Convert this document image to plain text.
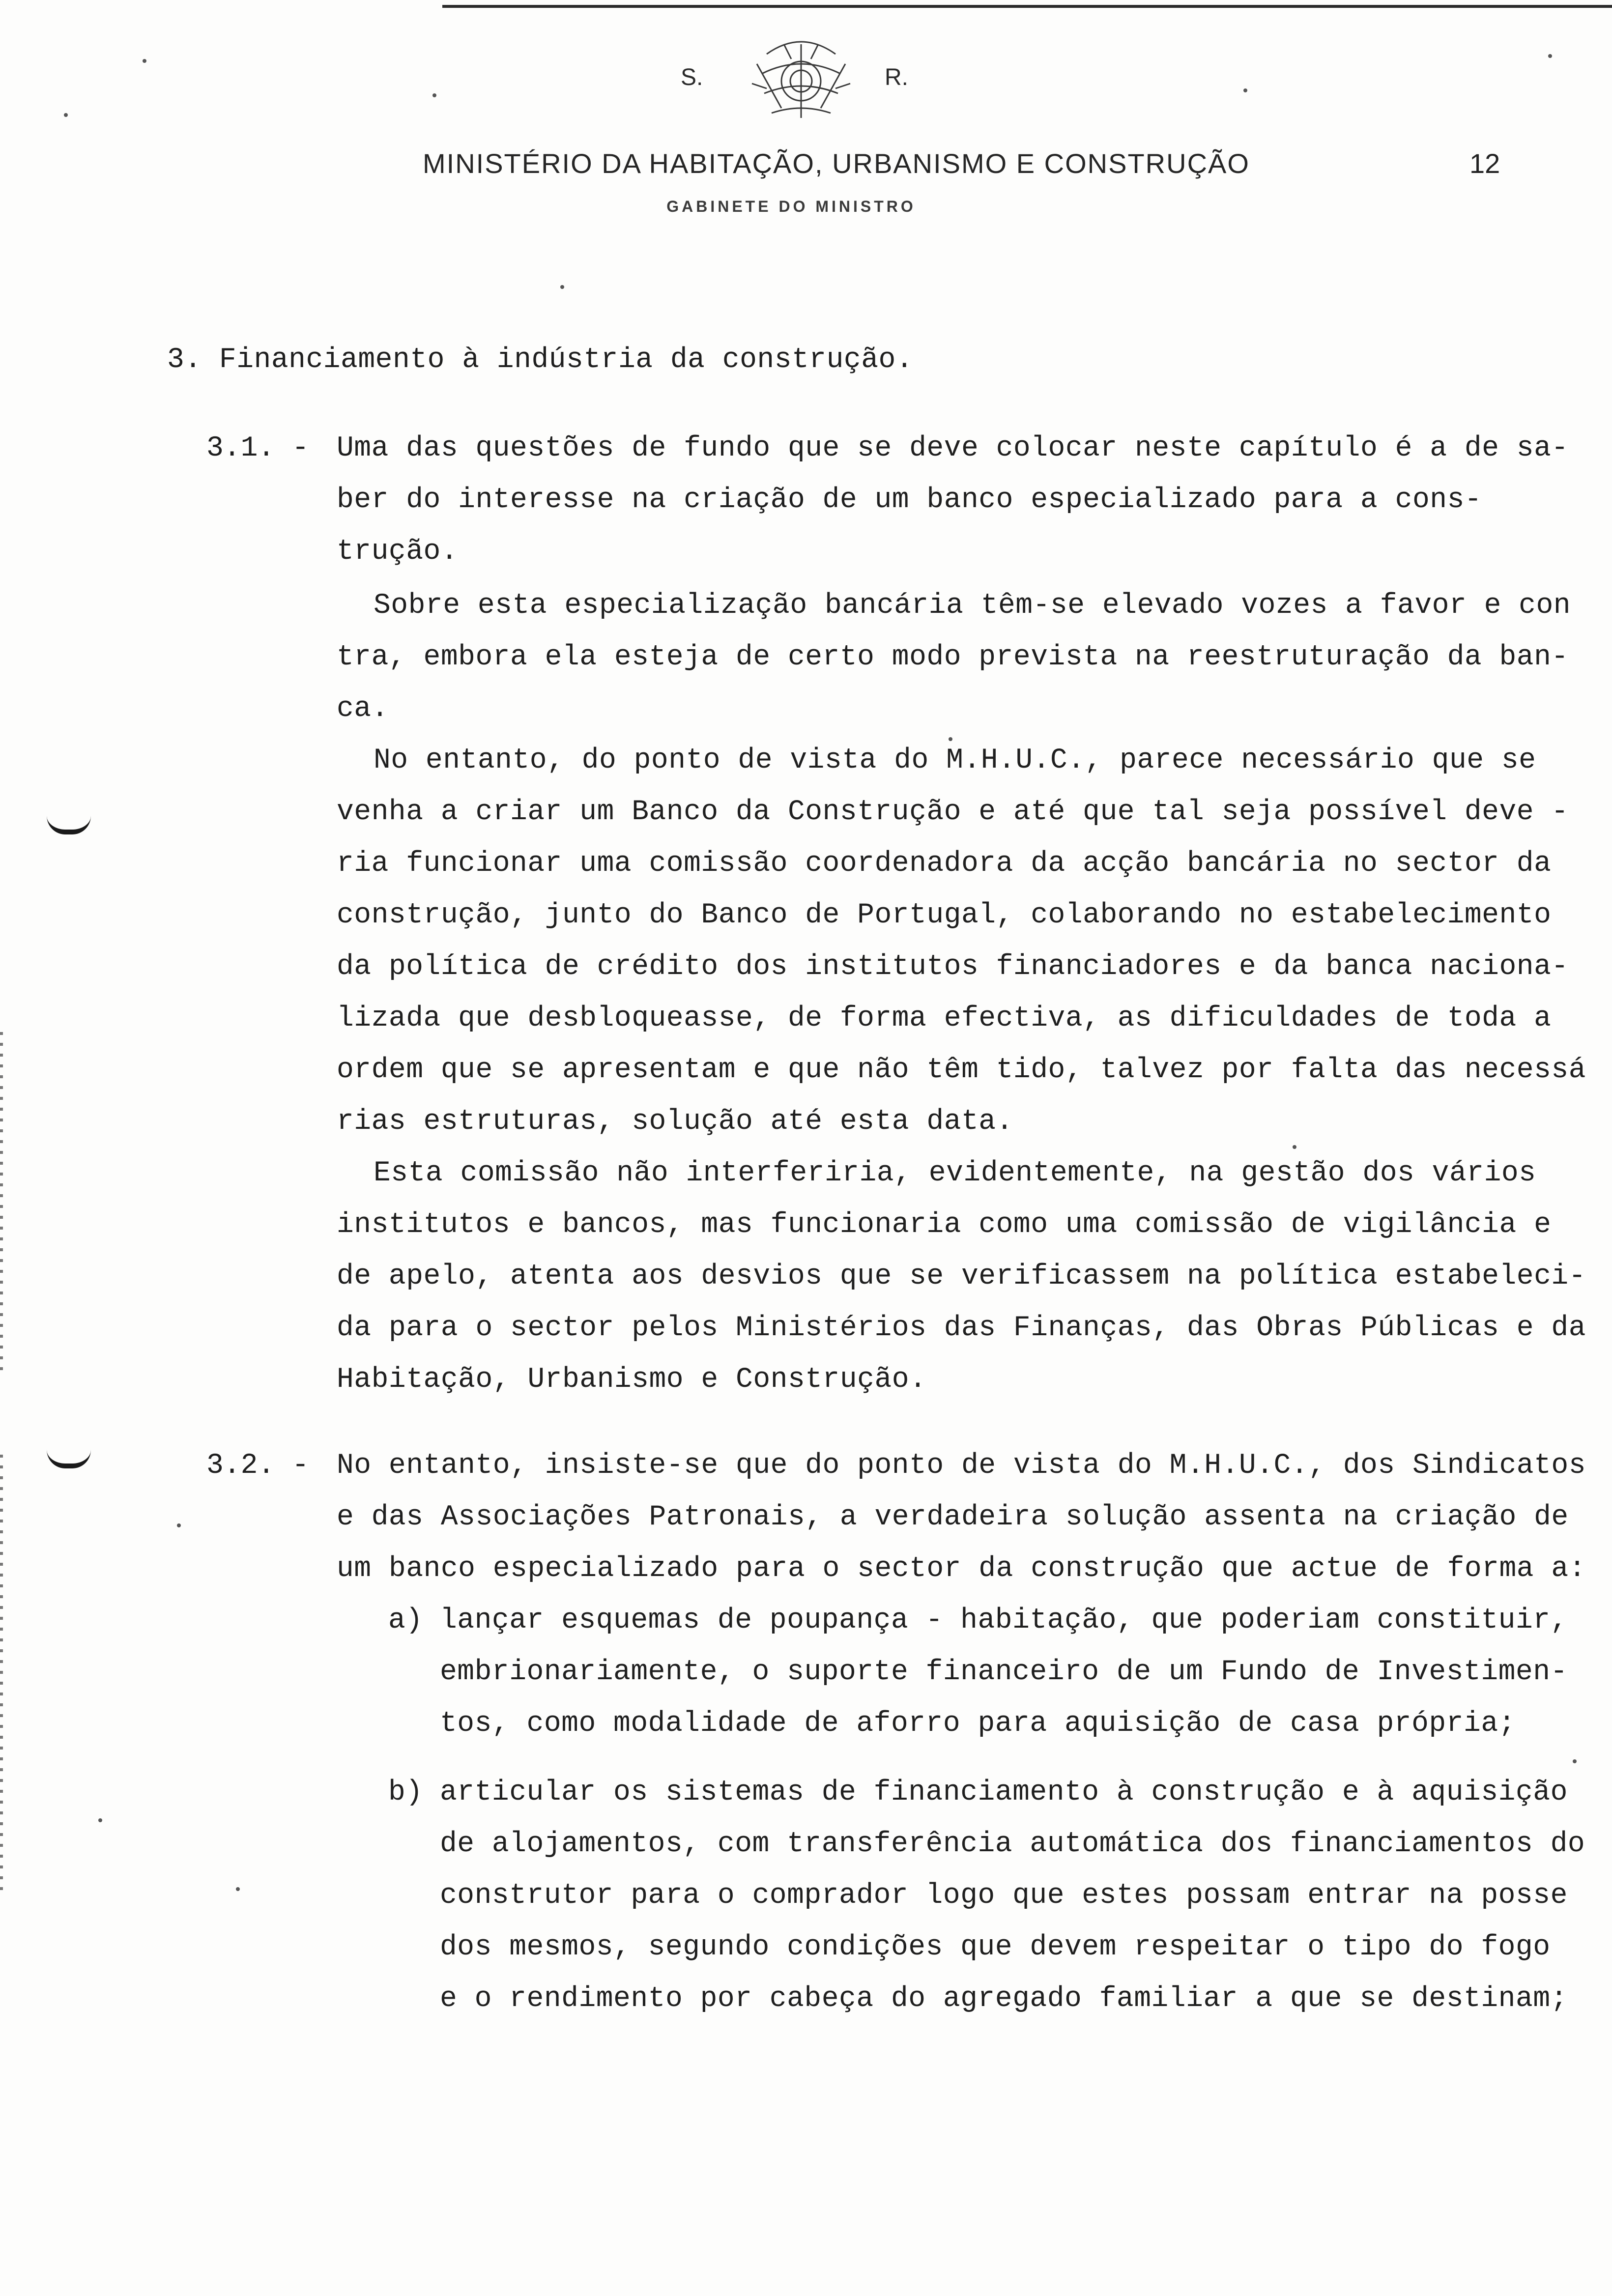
S.	R.
MINISTÉRIO DA HABITAÇÃO, URBANISMO E CONSTRUÇÃO
GABINETE DO MINISTRO
12
3. Financiamento à indústria da construção.
3.1. - Uma das questões de fundo que se deve colocar neste capítulo é a de sa-
ber do interesse na criação de um banco especializado para a cons-
trução.
Sobre esta especialização bancária têm-se elevado vozes a favor e con
tra, embora ela esteja de certo modo prevista na reestruturação da ban-
ca.
No entanto, do ponto de vista do M.H.U.C., parece necessário que se
venha a criar um Banco da Construção e até que tal seja possível deve -
ria funcionar uma comissão coordenadora da acção bancária no sector da
construção, junto do Banco de Portugal, colaborando no estabelecimento
da política de crédito dos institutos financiadores e da banca naciona-
lizada que desbloqueasse, de forma efectiva, as dificuldades de toda a
ordem que se apresentam e que não têm tido, talvez por falta das necessá
rias estruturas, solução até esta data.
Esta comissão não interferiria, evidentemente, na gestão dos vários
institutos e bancos, mas funcionaria como uma comissão de vigilância e
de apelo, atenta aos desvios que se verificassem na política estabeleci-
da para o sector pelos Ministérios das Finanças, das Obras Públicas e da
Habitação, Urbanismo e Construção.
3.2. - No entanto, insiste-se que do ponto de vista do M.H.U.C., dos Sindicatos
e das Associações Patronais, a verdadeira solução assenta na criação de
um banco especializado para o sector da construção que actue de forma a:
a) lançar esquemas de poupança - habitação, que poderiam constituir,
embrionariamente, o suporte financeiro de um Fundo de Investimen-
tos, como modalidade de aforro para aquisição de casa própria;
b) articular os sistemas de financiamento à construção e à aquisição
de alojamentos, com transferência automática dos financiamentos do
construtor para o comprador logo que estes possam entrar na posse
dos mesmos, segundo condições que devem respeitar o tipo do fogo
e o rendimento por cabeça do agregado familiar a que se destinam;
